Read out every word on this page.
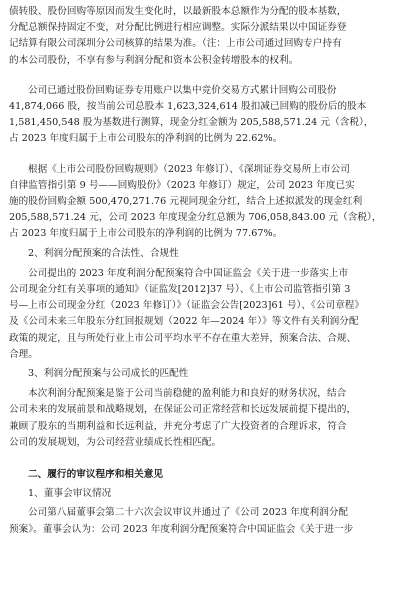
债转股、股份回购等原因而发生变化时，以最新股本总额作为分配的股本基数，
分配总额保持固定不变，对分配比例进行相应调整。实际分派结果以中国证券登
记结算有限公司深圳分公司核算的结果为准。（注：上市公司通过回购专户持有
的本公司股份，不享有参与利润分配和资本公积金转增股本的权利。
公司已通过股份回购证券专用账户以集中竞价交易方式累计回购公司股份
41,874,066 股，按当前公司总股本 1,623,324,614 股扣减已回购的股份后的股本
1,581,450,548 股为基数进行测算，现金分红金额为 205,588,571.24 元（含税），
占 2023 年度归属于上市公司股东的净利润的比例为 22.62%。
根据《上市公司股份回购规则》（2023 年修订）、《深圳证券交易所上市公司
自律监管指引第 9 号——回购股份》（2023 年修订）规定，公司 2023 年度已实
施的股份回购金额 500,470,271.76 元视同现金分红，结合上述拟派发的现金红利
205,588,571.24 元，公司 2023 年度现金分红总额为 706,058,843.00 元（含税），
占 2023 年度归属于上市公司股东的净利润的比例为 77.67%。
2、利润分配预案的合法性、合规性
公司提出的 2023 年度利润分配预案符合中国证监会《关于进一步落实上市
公司现金分红有关事项的通知》（证监发[2012]37 号）、《上市公司监管指引第 3
号—上市公司现金分红（2023 年修订）》（证监会公告[2023]61 号）、《公司章程》
及《公司未来三年股东分红回报规划（2022 年—2024 年）》等文件有关利润分配
政策的规定，且与所处行业上市公司平均水平不存在重大差异，预案合法、合规、
合理。
3、利润分配预案与公司成长的匹配性
本次利润分配预案是鉴于公司当前稳健的盈利能力和良好的财务状况，结合
公司未来的发展前景和战略规划，在保证公司正常经营和长远发展前提下提出的，
兼顾了股东的当期利益和长远利益，并充分考虑了广大投资者的合理诉求，符合
公司的发展规划，为公司经营业绩成长性相匹配。
二、履行的审议程序和相关意见
1、董事会审议情况
公司第八届董事会第二十六次会议审议并通过了《公司 2023 年度利润分配
预案》。董事会认为：公司 2023 年度利润分配预案符合中国证监会《关于进一步
